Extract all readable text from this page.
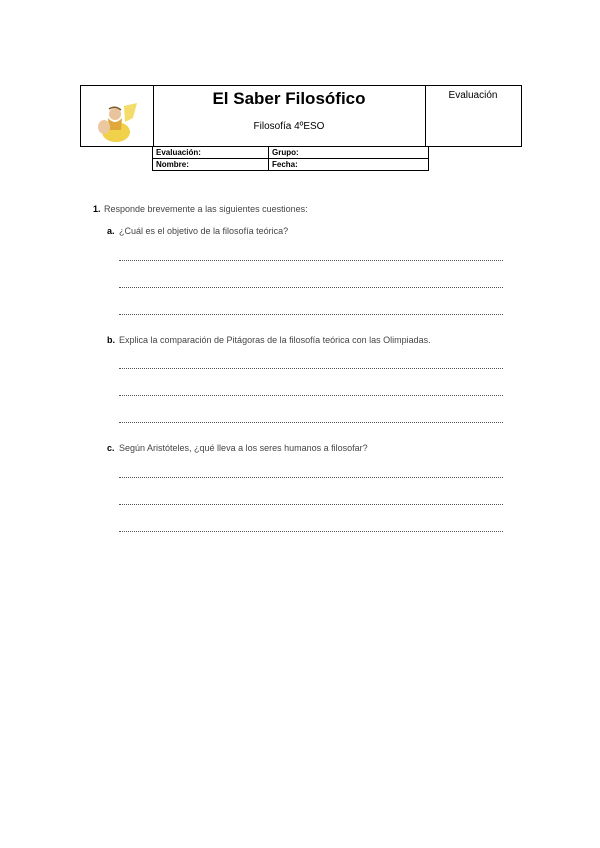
El Saber Filosófico
Filosofía 4ºESO
Evaluación
Evaluación:	Grupo:
Nombre:	Fecha:
1. Responde brevemente a las siguientes cuestiones:
a. ¿Cuál es el objetivo de la filosofía teórica?
b. Explica la comparación de Pitágoras de la filosofía teórica con las Olimpiadas.
c. Según Aristóteles, ¿qué lleva a los seres humanos a filosofar?
